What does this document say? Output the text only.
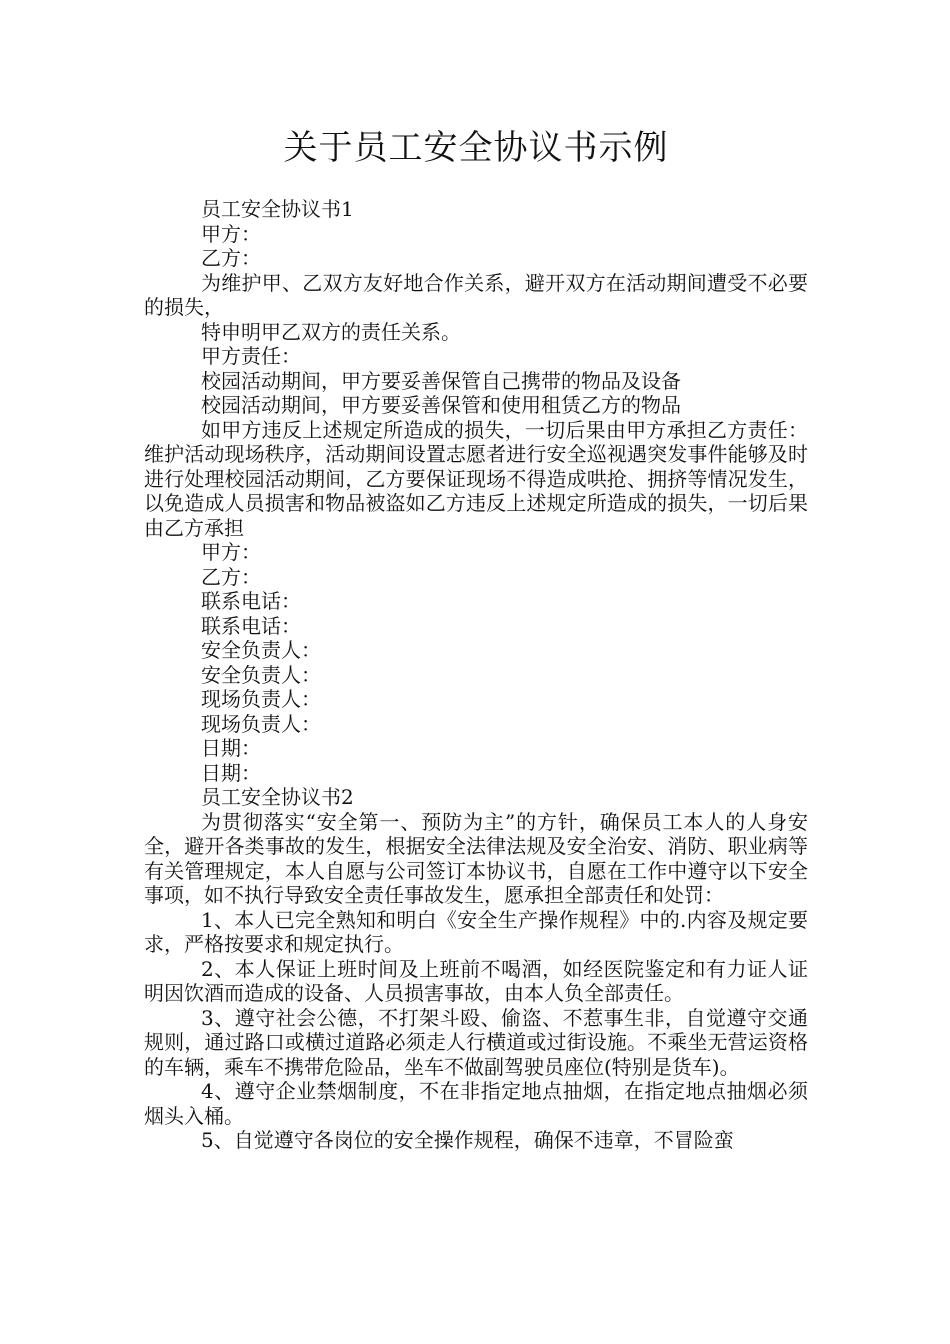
关于员工安全协议书示例

员工安全协议书1

甲方：

乙方：

为维护甲、乙双方友好地合作关系，避开双方在活动期间遭受不必要的损失，

特申明甲乙双方的责任关系。

甲方责任：

校园活动期间，甲方要妥善保管自己携带的物品及设备

校园活动期间，甲方要妥善保管和使用租赁乙方的物品

如甲方违反上述规定所造成的损失，一切后果由甲方承担乙方责任：维护活动现场秩序，活动期间设置志愿者进行安全巡视遇突发事件能够及时进行处理校园活动期间，乙方要保证现场不得造成哄抢、拥挤等情况发生，以免造成人员损害和物品被盗如乙方违反上述规定所造成的损失，一切后果由乙方承担

甲方：

乙方：

联系电话：

联系电话：

安全负责人：

安全负责人：

现场负责人：

现场负责人：

日期：

日期：

员工安全协议书2

为贯彻落实“安全第一、预防为主”的方针，确保员工本人的人身安全，避开各类事故的发生，根据安全法律法规及安全治安、消防、职业病等有关管理规定，本人自愿与公司签订本协议书，自愿在工作中遵守以下安全事项，如不执行导致安全责任事故发生，愿承担全部责任和处罚：

1、本人已完全熟知和明白《安全生产操作规程》中的.内容及规定要求，严格按要求和规定执行。

2、本人保证上班时间及上班前不喝酒，如经医院鉴定和有力证人证明因饮酒而造成的设备、人员损害事故，由本人负全部责任。

3、遵守社会公德，不打架斗殴、偷盗、不惹事生非，自觉遵守交通规则，通过路口或横过道路必须走人行横道或过街设施。不乘坐无营运资格的车辆，乘车不携带危险品，坐车不做副驾驶员座位(特别是货车)。

4、遵守企业禁烟制度，不在非指定地点抽烟，在指定地点抽烟必须烟头入桶。

5、自觉遵守各岗位的安全操作规程，确保不违章，不冒险蛮
